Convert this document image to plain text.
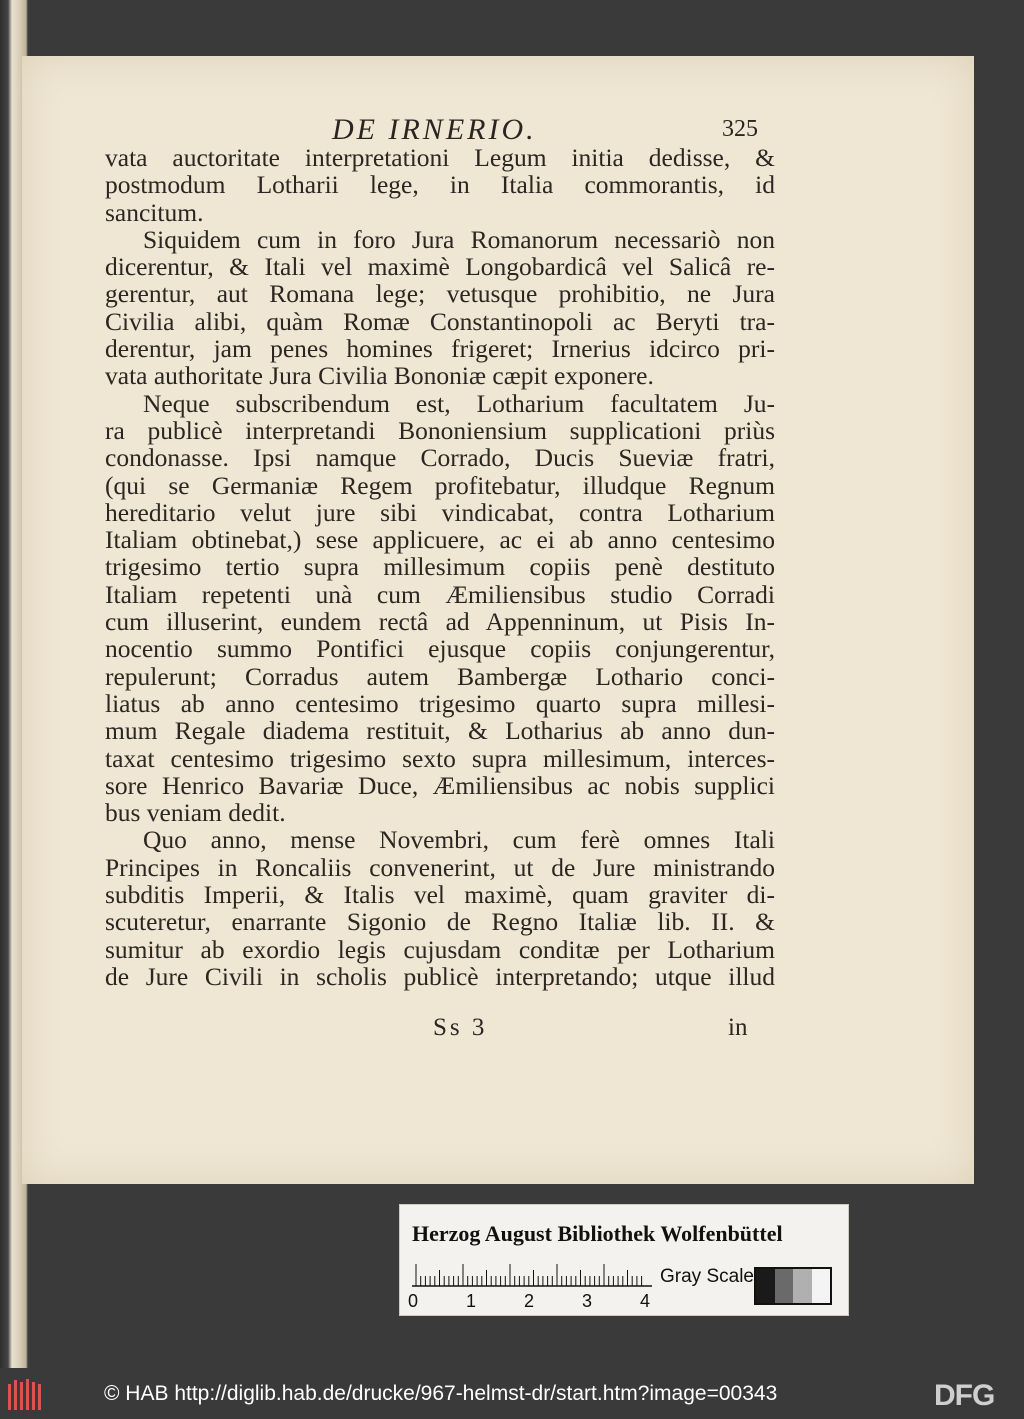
DE IRNERIO.	325
vata auctoritate interpretationi Legum initia dedisse, &
postmodum Lotharii lege, in Italia commorantis, id
sancitum.
Siquidem cum in foro Jura Romanorum necessariò non
dicerentur, & Itali vel maximè Longobardicâ vel Salicâ re-
gerentur, aut Romana lege; vetusque prohibitio, ne Jura
Civilia alibi, quàm Romæ Constantinopoli ac Beryti tra-
derentur, jam penes homines frigeret; Irnerius idcirco pri-
vata authoritate Jura Civilia Bononiæ cæpit exponere.
Neque subscribendum est, Lotharium facultatem Ju-
ra publicè interpretandi Bononiensium supplicationi priùs
condonasse. Ipsi namque Corrado, Ducis Sueviæ fratri,
(qui se Germaniæ Regem profitebatur, illudque Regnum
hereditario velut jure sibi vindicabat, contra Lotharium
Italiam obtinebat,) sese applicuere, ac ei ab anno centesimo
trigesimo tertio supra millesimum copiis penè destituto
Italiam repetenti unà cum Æmiliensibus studio Corradi
cum illuserint, eundem rectâ ad Appenninum, ut Pisis In-
nocentio summo Pontifici ejusque copiis conjungerentur,
repulerunt; Corradus autem Bambergæ Lothario conci-
liatus ab anno centesimo trigesimo quarto supra millesi-
mum Regale diadema restituit, & Lotharius ab anno dun-
taxat centesimo trigesimo sexto supra millesimum, interces-
sore Henrico Bavariæ Duce, Æmiliensibus ac nobis supplici
bus veniam dedit.
Quo anno, mense Novembri, cum ferè omnes Itali
Principes in Roncaliis convenerint, ut de Jure ministrando
subditis Imperii, & Italis vel maximè, quam graviter di-
scuteretur, enarrante Sigonio de Regno Italiæ lib. II. &
sumitur ab exordio legis cujusdam conditæ per Lotharium
de Jure Civili in scholis publicè interpretando; utque illud
Ss 3	in
Herzog August Bibliothek Wolfenbüttel
0	1	2	3	4
Gray Scale
© HAB http://diglib.hab.de/drucke/967-helmst-dr/start.htm?image=00343	DFG
